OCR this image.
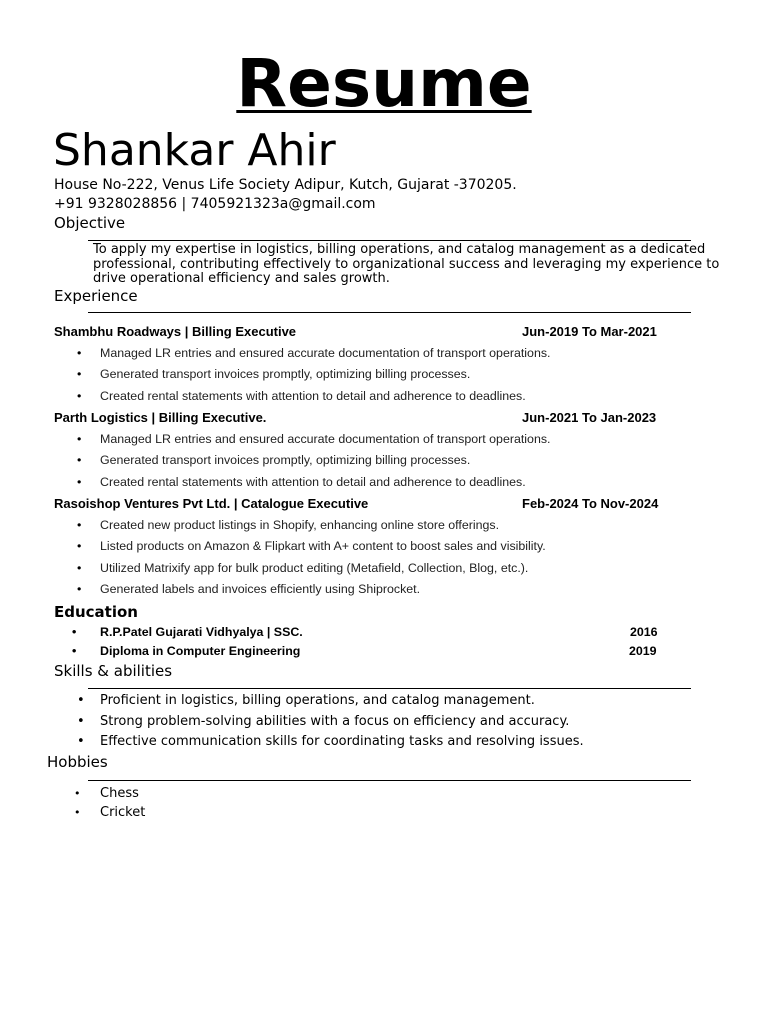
Resume
Shankar Ahir
House No-222, Venus Life Society Adipur, Kutch, Gujarat -370205.
+91 9328028856 | 7405921323a@gmail.com
Objective
To apply my expertise in logistics, billing operations, and catalog management as a dedicated professional, contributing effectively to organizational success and leveraging my experience to drive operational efficiency and sales growth.
Experience
Shambhu Roadways | Billing Executive	Jun-2019 To Mar-2021
• Managed LR entries and ensured accurate documentation of transport operations.
• Generated transport invoices promptly, optimizing billing processes.
• Created rental statements with attention to detail and adherence to deadlines.
Parth Logistics | Billing Executive.	Jun-2021 To Jan-2023
• Managed LR entries and ensured accurate documentation of transport operations.
• Generated transport invoices promptly, optimizing billing processes.
• Created rental statements with attention to detail and adherence to deadlines.
Rasoishop Ventures Pvt Ltd. | Catalogue Executive	Feb-2024 To Nov-2024
• Created new product listings in Shopify, enhancing online store offerings.
• Listed products on Amazon & Flipkart with A+ content to boost sales and visibility.
• Utilized Matrixify app for bulk product editing (Metafield, Collection, Blog, etc.).
• Generated labels and invoices efficiently using Shiprocket.
Education
• R.P.Patel Gujarati Vidhyalya | SSC.	2016
• Diploma in Computer Engineering	2019
Skills & abilities
• Proficient in logistics, billing operations, and catalog management.
• Strong problem-solving abilities with a focus on efficiency and accuracy.
• Effective communication skills for coordinating tasks and resolving issues.
Hobbies
• Chess
• Cricket
